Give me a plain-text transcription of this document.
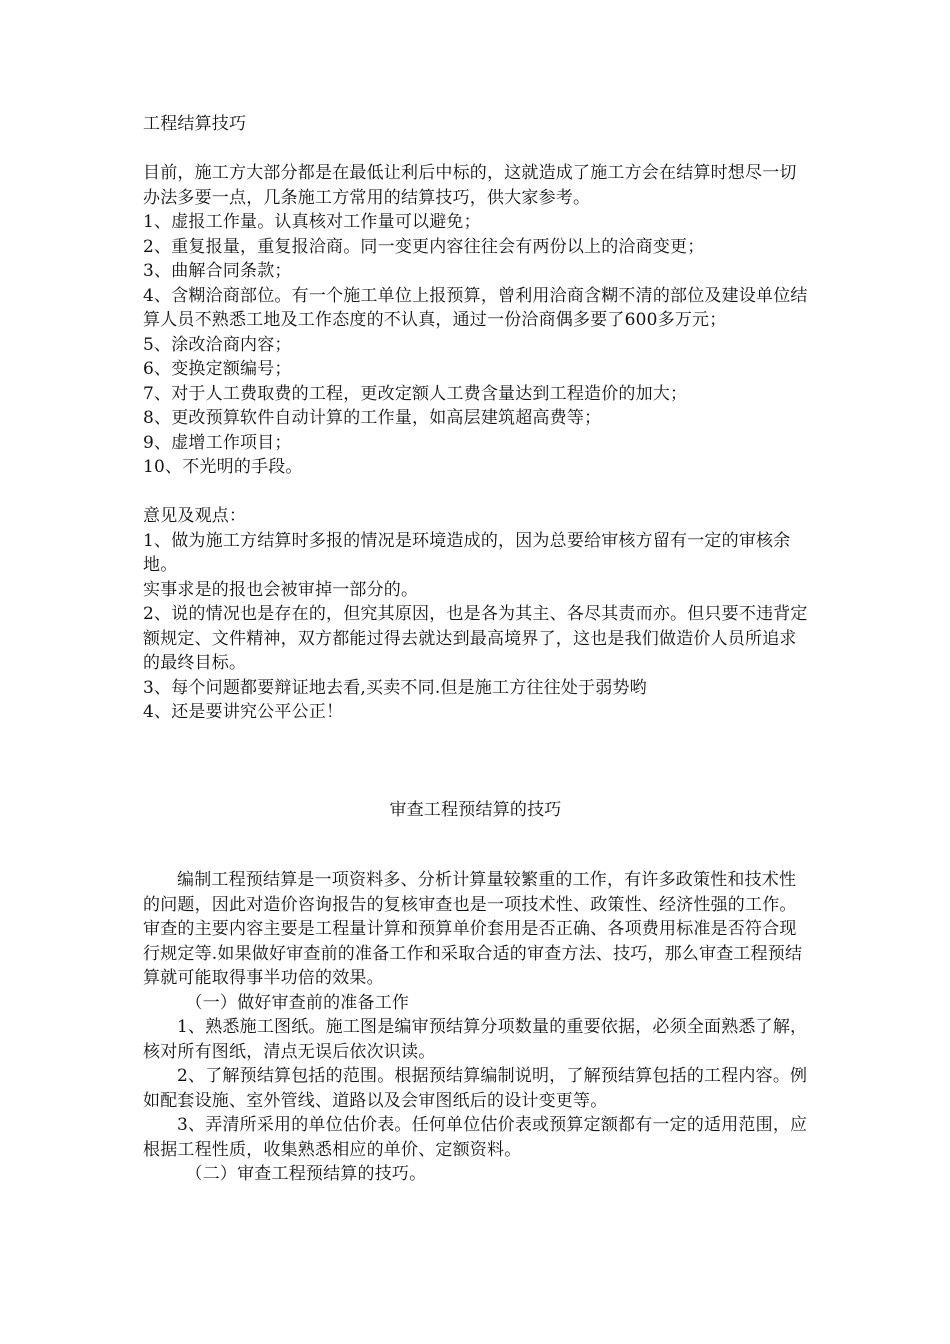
工程结算技巧
目前，施工方大部分都是在最低让利后中标的，这就造成了施工方会在结算时想尽一切办法多要一点，几条施工方常用的结算技巧，供大家参考。
1、虚报工作量。认真核对工作量可以避免；
2、重复报量，重复报洽商。同一变更内容往往会有两份以上的洽商变更；
3、曲解合同条款；
4、含糊洽商部位。有一个施工单位上报预算，曾利用洽商含糊不清的部位及建设单位结算人员不熟悉工地及工作态度的不认真，通过一份洽商偶多要了600多万元；
5、涂改洽商内容；
6、变换定额编号；
7、对于人工费取费的工程，更改定额人工费含量达到工程造价的加大；
8、更改预算软件自动计算的工作量，如高层建筑超高费等；
9、虚增工作项目；
10、不光明的手段。
意见及观点：
1、做为施工方结算时多报的情况是环境造成的，因为总要给审核方留有一定的审核余地。
实事求是的报也会被审掉一部分的。
2、说的情况也是存在的，但究其原因，也是各为其主、各尽其责而亦。但只要不违背定额规定、文件精神，双方都能过得去就达到最高境界了，这也是我们做造价人员所追求的最终目标。
3、每个问题都要辩证地去看,买卖不同.但是施工方往往处于弱势哟
4、还是要讲究公平公正！
审查工程预结算的技巧
编制工程预结算是一项资料多、分析计算量较繁重的工作，有许多政策性和技术性的问题，因此对造价咨询报告的复核审查也是一项技术性、政策性、经济性强的工作。审查的主要内容主要是工程量计算和预算单价套用是否正确、各项费用标准是否符合现行规定等.如果做好审查前的准备工作和采取合适的审查方法、技巧，那么审查工程预结算就可能取得事半功倍的效果。
（一）做好审查前的准备工作
1、熟悉施工图纸。施工图是编审预结算分项数量的重要依据，必须全面熟悉了解，核对所有图纸，清点无误后依次识读。
2、了解预结算包括的范围。根据预结算编制说明，了解预结算包括的工程内容。例如配套设施、室外管线、道路以及会审图纸后的设计变更等。
3、弄清所采用的单位估价表。任何单位估价表或预算定额都有一定的适用范围，应根据工程性质，收集熟悉相应的单价、定额资料。
（二）审查工程预结算的技巧。
